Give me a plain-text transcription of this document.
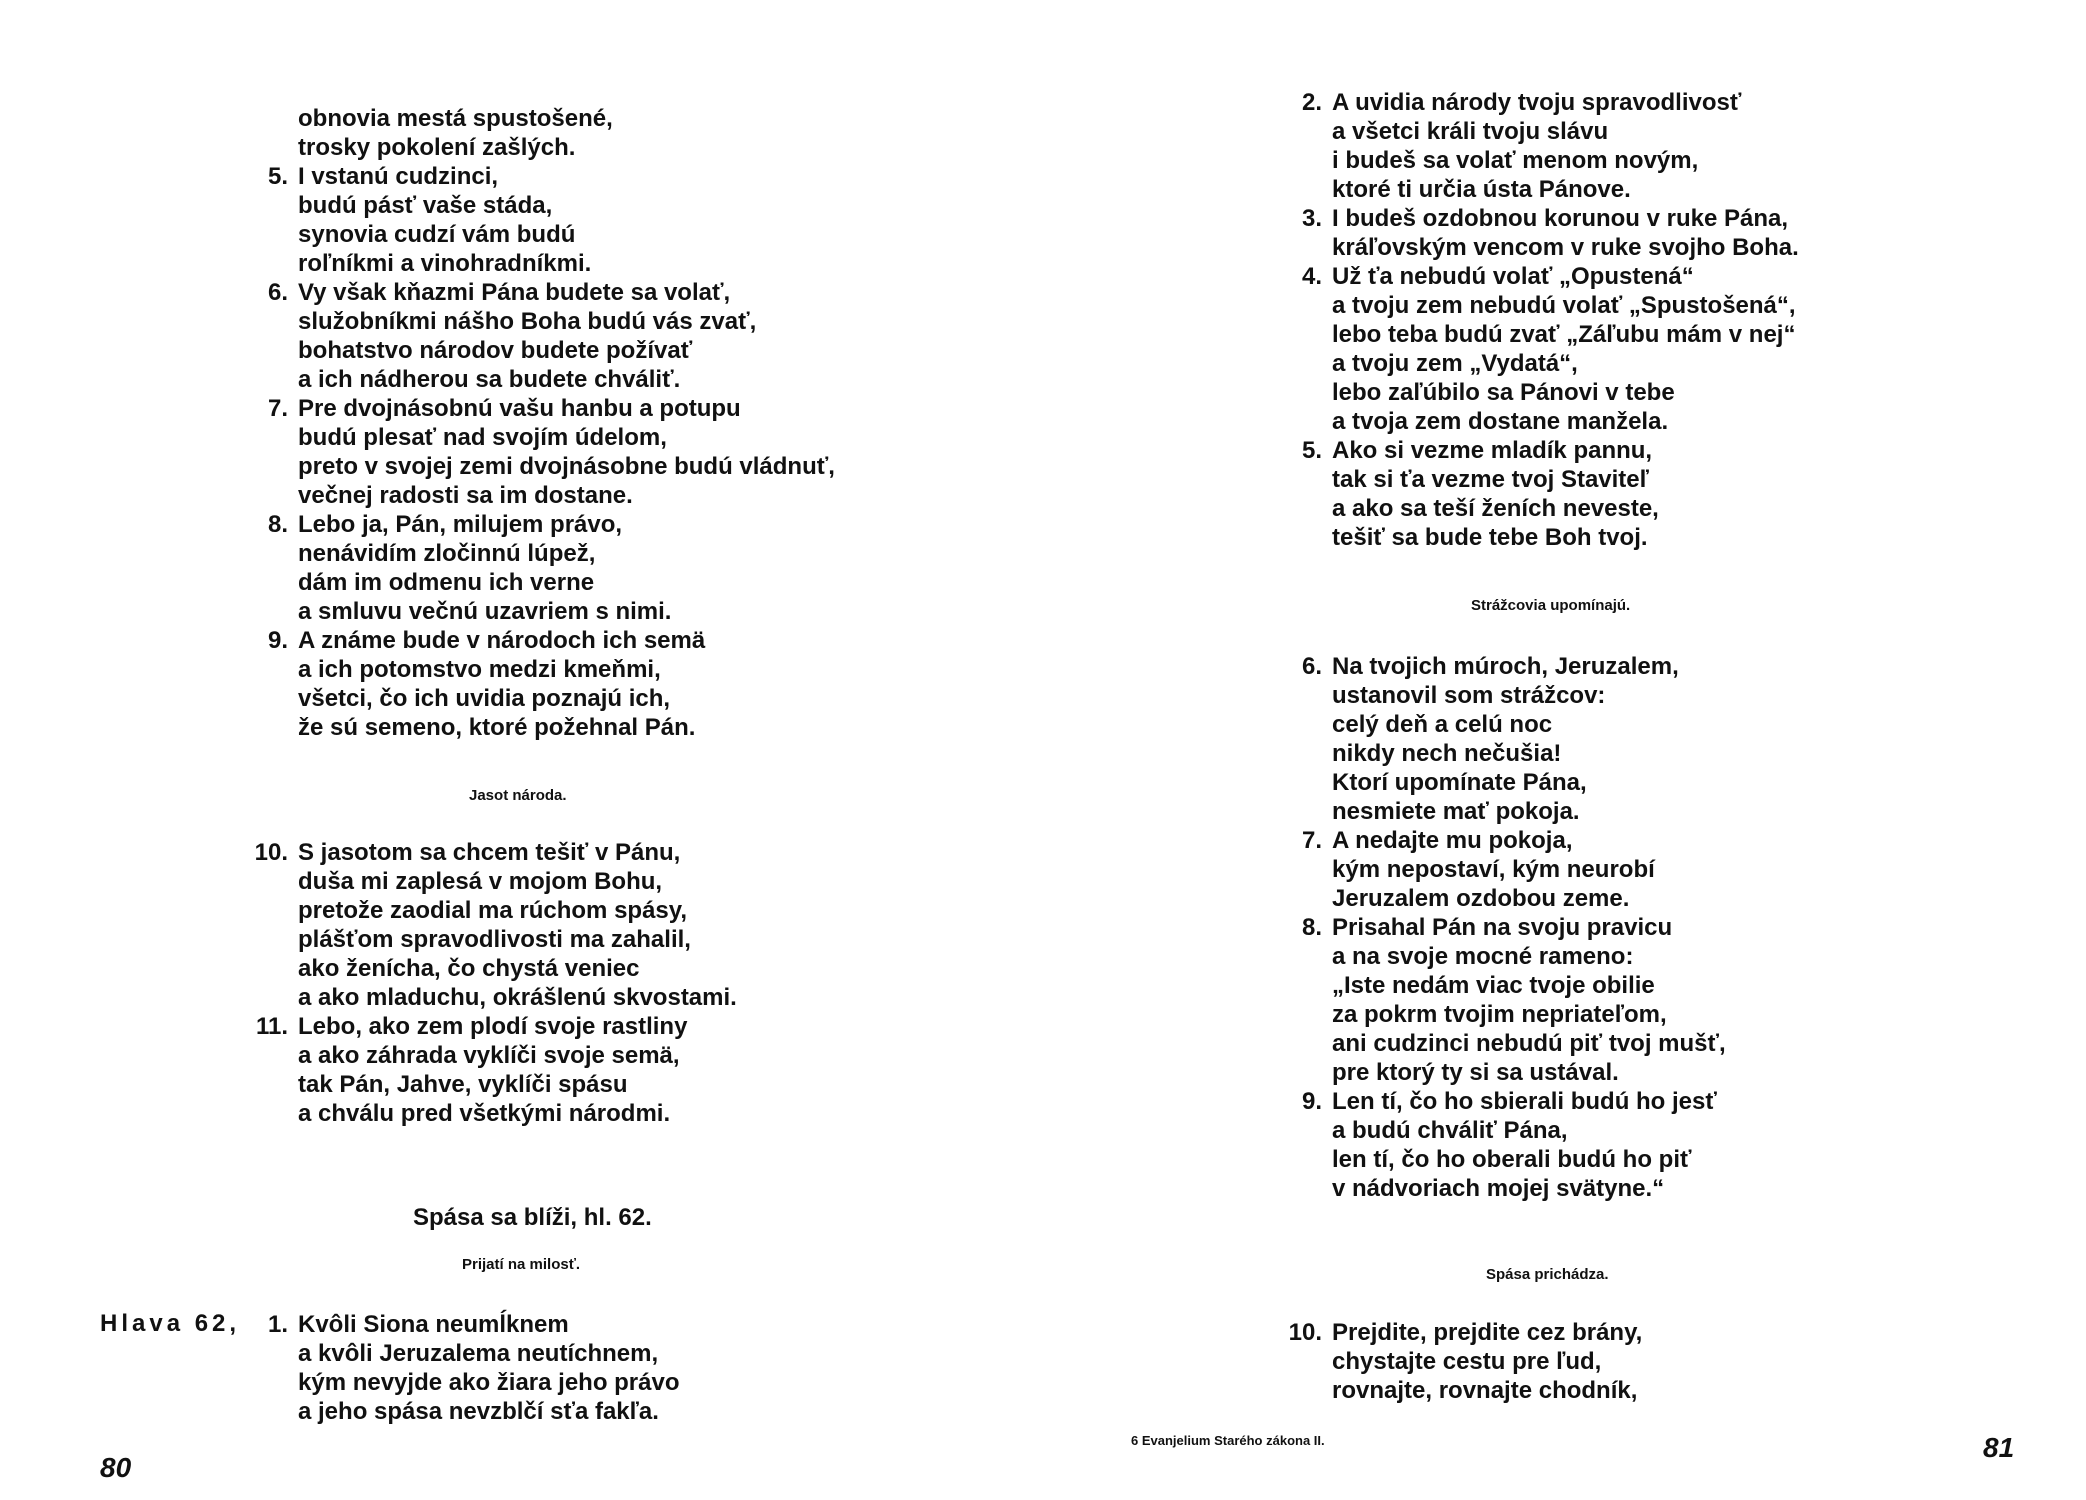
obnovia mestá spustošené,
trosky pokolení zašlých.
5. I vstanú cudzinci,
budú pásť vaše stáda,
synovia cudzí vám budú
roľníkmi a vinohradníkmi.
6. Vy však kňazmi Pána budete sa volať,
služobníkmi nášho Boha budú vás zvať,
bohatstvo národov budete požívať
a ich nádherou sa budete chváliť.
7. Pre dvojnásobnú vašu hanbu a potupu
budú plesať nad svojím údelom,
preto v svojej zemi dvojnásobne budú vládnuť,
večnej radosti sa im dostane.
8. Lebo ja, Pán, milujem právo,
nenávidím zločinnú lúpež,
dám im odmenu ich verne
a smluvu večnú uzavriem s nimi.
9. A známe bude v národoch ich semä
a ich potomstvo medzi kmeňmi,
všetci, čo ich uvidia poznajú ich,
že sú semeno, ktoré požehnal Pán.
Jasot národa.
10. S jasotom sa chcem tešiť v Pánu,
duša mi zaplesá v mojom Bohu,
pretože zaodial ma rúchom spásy,
plášťom spravodlivosti ma zahalil,
ako ženícha, čo chystá veniec
a ako mladuchu, okrášlenú skvostami.
11. Lebo, ako zem plodí svoje rastliny
a ako záhrada vyklíči svoje semä,
tak Pán, Jahve, vyklíči spásu
a chválu pred všetkými národmi.
Spása sa blíži, hl. 62.
Prijatí na milosť.
Hlava 62,	1. Kvôli Siona neumĺknem
a kvôli Jeruzalema neutíchnem,
kým nevyjde ako žiara jeho právo
a jeho spása nevzblčí sťa fakľa.
80
2. A uvidia národy tvoju spravodlivosť
a všetci králi tvoju slávu
i budeš sa volať menom novým,
ktoré ti určia ústa Pánove.
3. I budeš ozdobnou korunou v ruke Pána,
kráľovským vencom v ruke svojho Boha.
4. Už ťa nebudú volať „Opustená“
a tvoju zem nebudú volať „Spustošená“,
lebo teba budú zvať „Záľubu mám v nej“
a tvoju zem „Vydatá“,
lebo zaľúbilo sa Pánovi v tebe
a tvoja zem dostane manžela.
5. Ako si vezme mladík pannu,
tak si ťa vezme tvoj Staviteľ
a ako sa teší ženích neveste,
tešiť sa bude tebe Boh tvoj.
Strážcovia upomínajú.
6. Na tvojich múroch, Jeruzalem,
ustanovil som strážcov:
celý deň a celú noc
nikdy nech nečušia!
Ktorí upomínate Pána,
nesmiete mať pokoja.
7. A nedajte mu pokoja,
kým nepostaví, kým neurobí
Jeruzalem ozdobou zeme.
8. Prisahal Pán na svoju pravicu
a na svoje mocné rameno:
„Iste nedám viac tvoje obilie
za pokrm tvojim nepriateľom,
ani cudzinci nebudú piť tvoj mušť,
pre ktorý ty si sa ustával.
9. Len tí, čo ho sbierali budú ho jesť
a budú chváliť Pána,
len tí, čo ho oberali budú ho piť
v nádvoriach mojej svätyne.“
Spása prichádza.
10. Prejdite, prejdite cez brány,
chystajte cestu pre ľud,
rovnajte, rovnajte chodník,
6 Evanjelium Starého zákona II.	81
